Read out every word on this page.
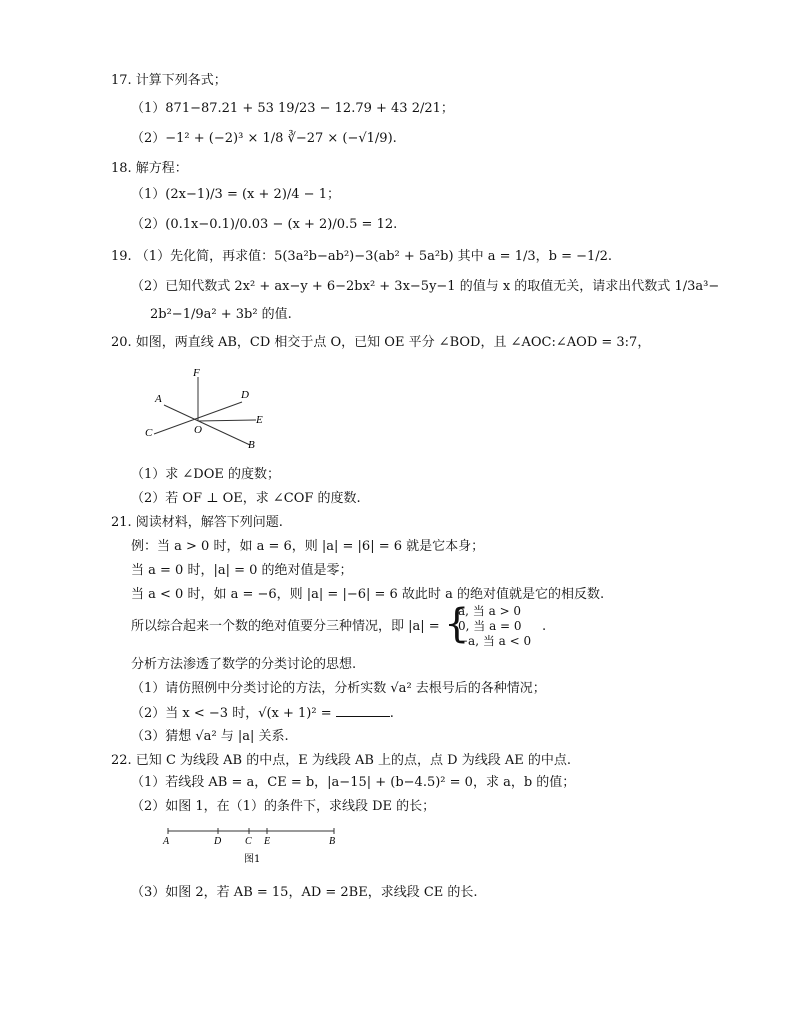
17. 计算下列各式；
（1）871−87.21 + 53 19/23 − 12.79 + 43 2/21；
（2）−1² + (−2)³ × 1/8 ∛−27 × (−√1/9).
18. 解方程：
（1）(2x−1)/3 = (x + 2)/4 − 1；
（2）(0.1x−0.1)/0.03 − (x + 2)/0.5 = 12.
19. （1）先化简，再求值：5(3a²b−ab²)−3(ab² + 5a²b) 其中 a = 1/3，b = −1/2.
（2）已知代数式 2x² + ax−y + 6−2bx² + 3x−5y−1 的值与 x 的取值无关，请求出代数式 1/3a³−
2b²−1/9a² + 3b² 的值.
20. 如图，两直线 AB，CD 相交于点 O，已知 OE 平分 ∠BOD，且 ∠AOC:∠AOD = 3:7，
F
A	D
E
O
C
B
（1）求 ∠DOE 的度数；
（2）若 OF ⊥ OE，求 ∠COF 的度数.
21. 阅读材料，解答下列问题.
例：当 a > 0 时，如 a = 6，则 |a| = |6| = 6 就是它本身；
当 a = 0 时，|a| = 0 的绝对值是零；
当 a < 0 时，如 a = −6，则 |a| = |−6| = 6 故此时 a 的绝对值就是它的相反数.
所以综合起来一个数的绝对值要分三种情况，即 |a| = {
a, 当 a > 0
0, 当 a = 0
−a, 当 a < 0
.
分析方法渗透了数学的分类讨论的思想.
（1）请仿照例中分类讨论的方法，分析实数 √a² 去根号后的各种情况；
（2）当 x < −3 时，√(x + 1)² =	.
（3）猜想 √a² 与 |a| 关系.
22. 已知 C 为线段 AB 的中点，E 为线段 AB 上的点，点 D 为线段 AE 的中点.
（1）若线段 AB = a，CE = b，|a−15| + (b−4.5)² = 0，求 a，b 的值；
（2）如图 1，在（1）的条件下，求线段 DE 的长；
A	D C E	B
图1
（3）如图 2，若 AB = 15，AD = 2BE，求线段 CE 的长.
